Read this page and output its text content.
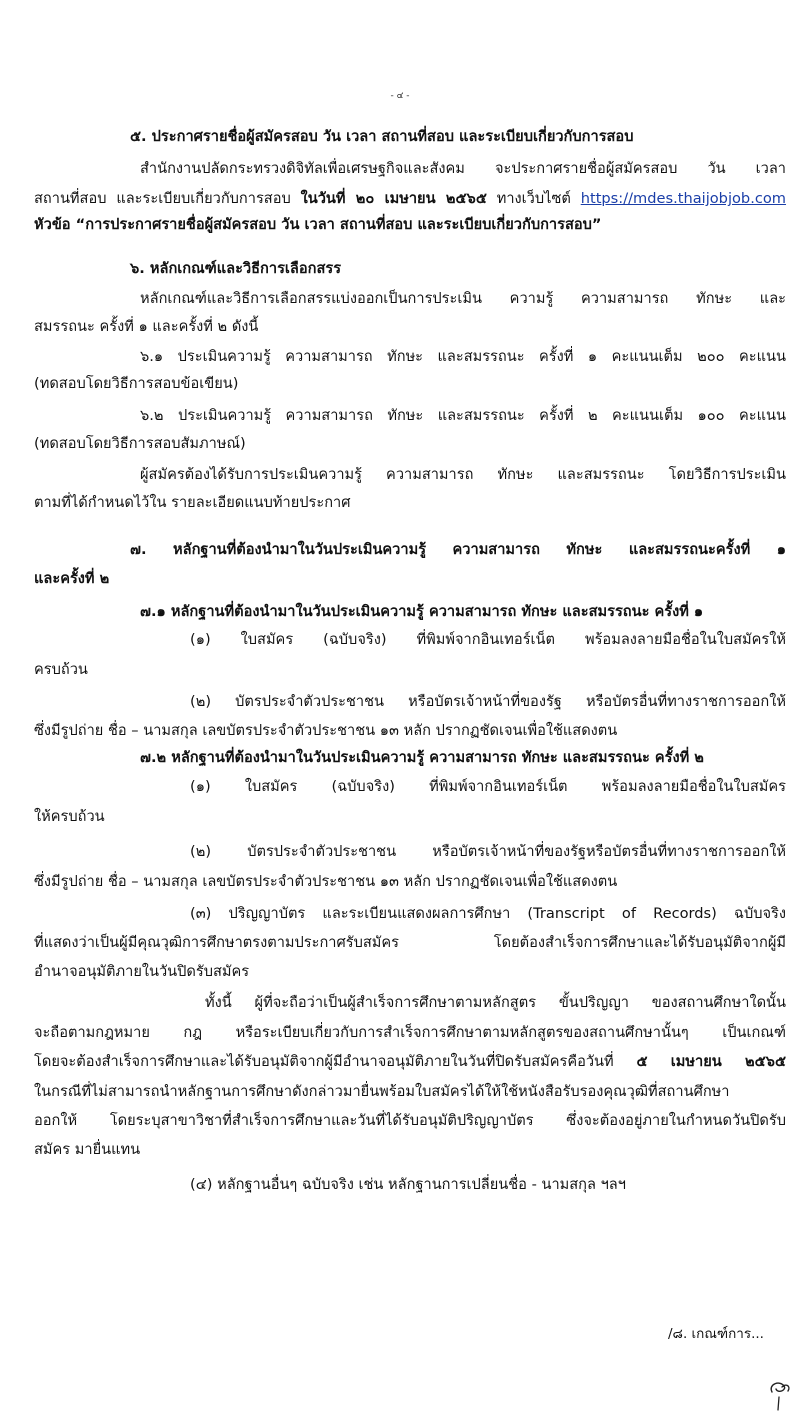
- ๔ -
๕. ประกาศรายชื่อผู้สมัครสอบ วัน เวลา สถานที่สอบ และระเบียบเกี่ยวกับการสอบ
สำนักงานปลัดกระทรวงดิจิทัลเพื่อเศรษฐกิจและสังคม จะประกาศรายชื่อผู้สมัครสอบ วัน เวลา
สถานที่สอบ และระเบียบเกี่ยวกับการสอบ ในวันที่ ๒๐ เมษายน ๒๕๖๕ ทางเว็บไซต์ https://mdes.thaijobjob.com
หัวข้อ “การประกาศรายชื่อผู้สมัครสอบ วัน เวลา สถานที่สอบ และระเบียบเกี่ยวกับการสอบ”
๖. หลักเกณฑ์และวิธีการเลือกสรร
หลักเกณฑ์และวิธีการเลือกสรรแบ่งออกเป็นการประเมิน ความรู้ ความสามารถ ทักษะ และ
สมรรถนะ ครั้งที่ ๑ และครั้งที่ ๒ ดังนี้
๖.๑ ประเมินความรู้ ความสามารถ ทักษะ และสมรรถนะ ครั้งที่ ๑ คะแนนเต็ม ๒๐๐ คะแนน
(ทดสอบโดยวิธีการสอบข้อเขียน)
๖.๒ ประเมินความรู้ ความสามารถ ทักษะ และสมรรถนะ ครั้งที่ ๒ คะแนนเต็ม ๑๐๐ คะแนน
(ทดสอบโดยวิธีการสอบสัมภาษณ์)
ผู้สมัครต้องได้รับการประเมินความรู้ ความสามารถ ทักษะ และสมรรถนะ โดยวิธีการประเมิน
ตามที่ได้กำหนดไว้ใน รายละเอียดแนบท้ายประกาศ
๗. หลักฐานที่ต้องนำมาในวันประเมินความรู้ ความสามารถ ทักษะ และสมรรถนะครั้งที่ ๑
และครั้งที่ ๒
๗.๑ หลักฐานที่ต้องนำมาในวันประเมินความรู้ ความสามารถ ทักษะ และสมรรถนะ ครั้งที่ ๑
(๑) ใบสมัคร (ฉบับจริง) ที่พิมพ์จากอินเทอร์เน็ต พร้อมลงลายมือชื่อในใบสมัครให้
ครบถ้วน
(๒) บัตรประจำตัวประชาชน หรือบัตรเจ้าหน้าที่ของรัฐ หรือบัตรอื่นที่ทางราชการออกให้
ซึ่งมีรูปถ่าย ชื่อ – นามสกุล เลขบัตรประจำตัวประชาชน ๑๓ หลัก ปรากฏชัดเจนเพื่อใช้แสดงตน
๗.๒ หลักฐานที่ต้องนำมาในวันประเมินความรู้ ความสามารถ ทักษะ และสมรรถนะ ครั้งที่ ๒
(๑) ใบสมัคร (ฉบับจริง) ที่พิมพ์จากอินเทอร์เน็ต พร้อมลงลายมือชื่อในใบสมัคร
ให้ครบถ้วน
(๒) บัตรประจำตัวประชาชน หรือบัตรเจ้าหน้าที่ของรัฐหรือบัตรอื่นที่ทางราชการออกให้
ซึ่งมีรูปถ่าย ชื่อ – นามสกุล เลขบัตรประจำตัวประชาชน ๑๓ หลัก ปรากฏชัดเจนเพื่อใช้แสดงตน
(๓) ปริญญาบัตร และระเบียนแสดงผลการศึกษา (Transcript of Records) ฉบับจริง
ที่แสดงว่าเป็นผู้มีคุณวุฒิการศึกษาตรงตามประกาศรับสมัคร โดยต้องสำเร็จการศึกษาและได้รับอนุมัติจากผู้มี
อำนาจอนุมัติภายในวันปิดรับสมัคร
ทั้งนี้ ผู้ที่จะถือว่าเป็นผู้สำเร็จการศึกษาตามหลักสูตร ขั้นปริญญา ของสถานศึกษาใดนั้น
จะถือตามกฎหมาย กฎ หรือระเบียบเกี่ยวกับการสำเร็จการศึกษาตามหลักสูตรของสถานศึกษานั้นๆ เป็นเกณฑ์
โดยจะต้องสำเร็จการศึกษาและได้รับอนุมัติจากผู้มีอำนาจอนุมัติภายในวันที่ปิดรับสมัครคือวันที่ ๕ เมษายน ๒๕๖๕
ในกรณีที่ไม่สามารถนำหลักฐานการศึกษาดังกล่าวมายื่นพร้อมใบสมัครได้ให้ใช้หนังสือรับรองคุณวุฒิที่สถานศึกษา
ออกให้ โดยระบุสาขาวิชาที่สำเร็จการศึกษาและวันที่ได้รับอนุมัติปริญญาบัตร ซึ่งจะต้องอยู่ภายในกำหนดวันปิดรับ
สมัคร มายื่นแทน
(๔) หลักฐานอื่นๆ ฉบับจริง เช่น หลักฐานการเปลี่ยนชื่อ - นามสกุล ฯลฯ
/๘. เกณฑ์การ...
